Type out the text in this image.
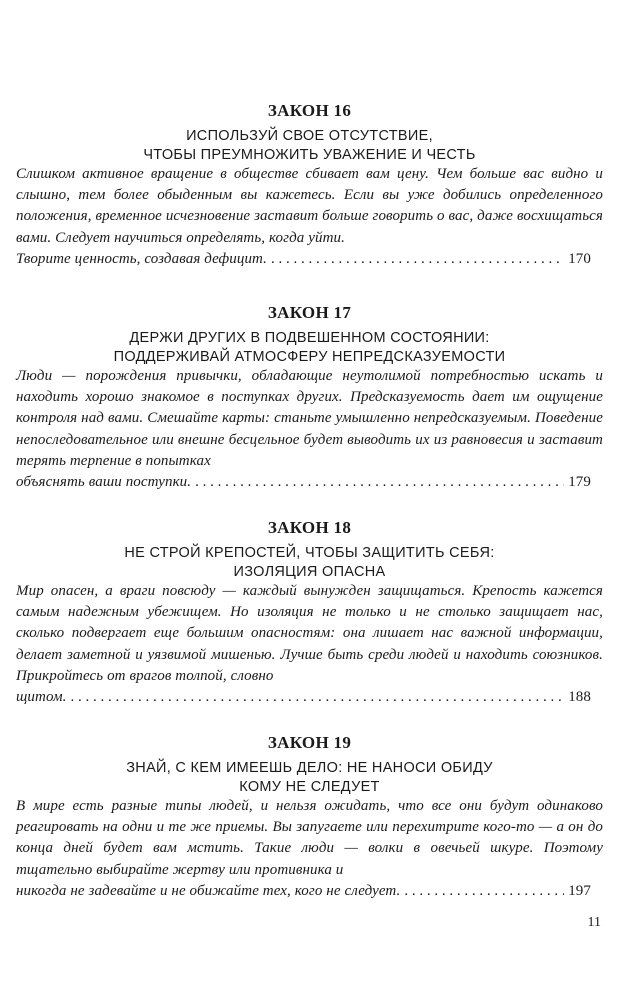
ЗАКОН 16

ИСПОЛЬЗУЙ СВОЕ ОТСУТСТВИЕ,

ЧТОБЫ ПРЕУМНОЖИТЬ УВАЖЕНИЕ И ЧЕСТЬ

Слишком активное вращение в обществе сбивает вам цену. Чем больше вас видно и слышно, тем более обыденным вы кажетесь. Если вы уже добились определенного положения, временное исчезновение заставит больше говорить о вас, даже восхищаться вами. Следует научиться определять, когда уйти.

Творите ценность, создавая дефицит. . . .	170
ЗАКОН 17

ДЕРЖИ ДРУГИХ В ПОДВЕШЕННОМ СОСТОЯНИИ:

ПОДДЕРЖИВАЙ АТМОСФЕРУ НЕПРЕДСКАЗУЕМОСТИ

Люди — порождения привычки, обладающие неутолимой потребностью искать и находить хорошо знакомое в поступках других. Предсказуемость дает им ощущение контроля над вами. Смешайте карты: станьте умышленно непредсказуемым. Поведение непоследовательное или внешне бесцельное будет выводить их из равновесия и заставит терять терпение в попытках

объяснять ваши поступки. . . .	179
ЗАКОН 18

НЕ СТРОЙ КРЕПОСТЕЙ, ЧТОБЫ ЗАЩИТИТЬ СЕБЯ:

ИЗОЛЯЦИЯ ОПАСНА

Мир опасен, а враги повсюду — каждый вынужден защищаться. Крепость кажется самым надежным убежищем. Но изоляция не только и не столько защищает нас, сколько подвергает еще большим опасностям: она лишает нас важной информации, делает заметной и уязвимой мишенью. Лучше быть среди людей и находить союзников. Прикройтесь от врагов толпой, словно

щитом. . . .	188
ЗАКОН 19

ЗНАЙ, С КЕМ ИМЕЕШЬ ДЕЛО: НЕ НАНОСИ ОБИДУ

КОМУ НЕ СЛЕДУЕТ

В мире есть разные типы людей, и нельзя ожидать, что все они будут одинаково реагировать на одни и те же приемы. Вы запугаете или перехитрите кого-то — а он до конца дней будет вам мстить. Такие люди — волки в овечьей шкуре. Поэтому тщательно выбирайте жертву или противника и

никогда не задевайте и не обижайте тех, кого не следует. . . .	197
11
